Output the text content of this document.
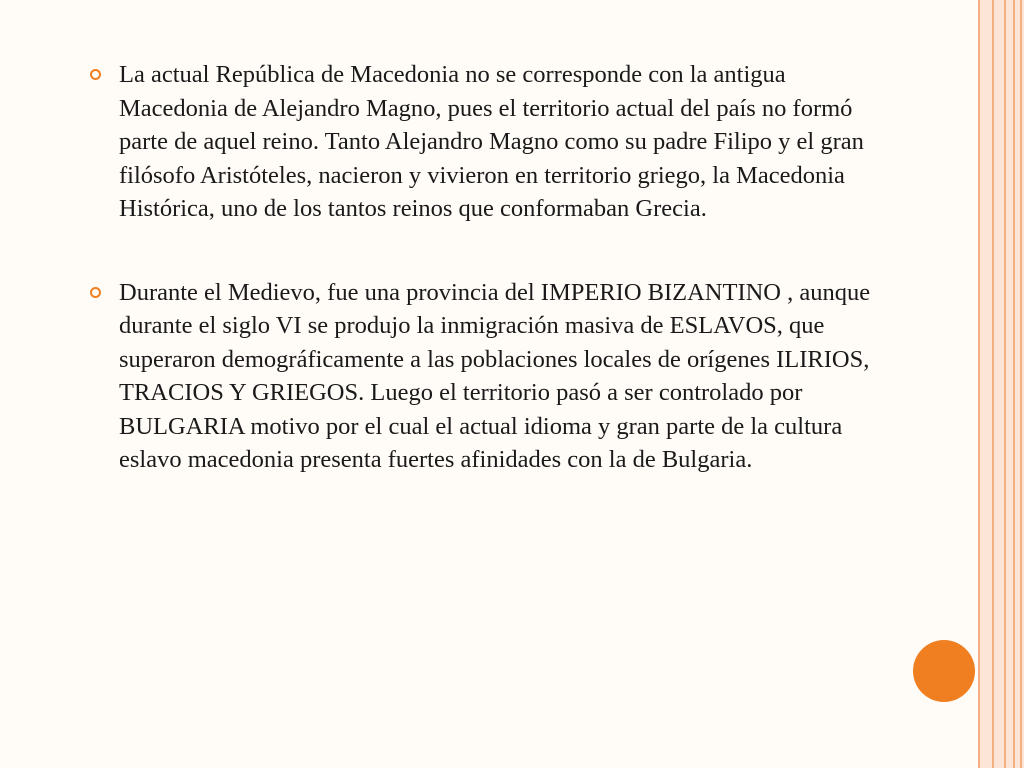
La actual República de Macedonia no se corresponde con la antigua Macedonia de Alejandro Magno, pues el territorio actual del país no formó parte de aquel reino. Tanto Alejandro Magno como su padre Filipo y el gran filósofo Aristóteles, nacieron y vivieron en territorio griego, la Macedonia Histórica, uno de los tantos reinos que conformaban Grecia.
Durante el Medievo, fue una provincia del IMPERIO BIZANTINO , aunque durante el siglo VI se produjo la inmigración masiva de ESLAVOS, que superaron demográficamente a las poblaciones locales de orígenes ILIRIOS, TRACIOS Y GRIEGOS. Luego el territorio pasó a ser controlado por BULGARIA motivo por el cual el actual idioma y gran parte de la cultura eslavo macedonia presenta fuertes afinidades con la de Bulgaria.
